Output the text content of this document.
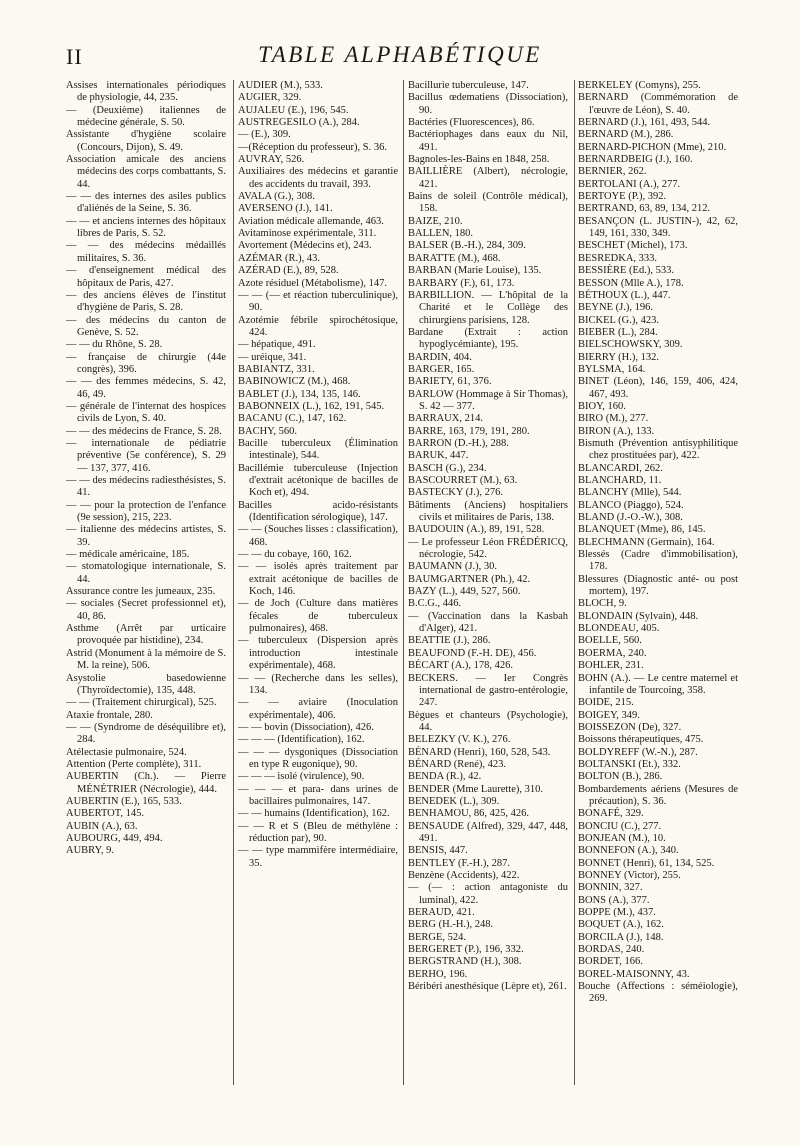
II	TABLE ALPHABÉTIQUE

Assises internationales périodiques de physiologie, 44, 235.

— (Deuxième) italiennes de médecine générale, S. 50.

Assistante d'hygiène scolaire (Concours, Dijon), S. 49.

Association amicale des anciens médecins des corps combattants, S. 44.

— — des internes des asiles publics d'aliénés de la Seine, S. 36.

— — et anciens internes des hôpitaux libres de Paris, S. 52.

— — des médecins médaillés militaires, S. 36.

— d'enseignement médical des hôpitaux de Paris, 427.

— des anciens élèves de l'institut d'hygiène de Paris, S. 28.

— des médecins du canton de Genève, S. 52.

— — du Rhône, S. 28.

— française de chirurgie (44e congrès), 396.

— — des femmes médecins, S. 42, 46, 49.

— générale de l'internat des hospices civils de Lyon, S. 40.

— — des médecins de France, S. 28.

— internationale de pédiatrie préventive (5e conférence), S. 29 — 137, 377, 416.

— — des médecins radiesthésistes, S. 41.

— — pour la protection de l'enfance (9e session), 215, 223.

— italienne des médecins artistes, S. 39.

— médicale américaine, 185.

— stomatologique internationale, S. 44.

Assurance contre les jumeaux, 235.

— sociales (Secret professionnel et), 40, 86.

Asthme (Arrêt par urticaire provoquée par histidine), 234.

Astrid (Monument à la mémoire de S. M. la reine), 506.

Asystolie basedowienne (Thyroïdectomie), 135, 448.

— — (Traitement chirurgical), 525.

Ataxie frontale, 280.

— — (Syndrome de déséquilibre et), 284.

Atélectasie pulmonaire, 524.

Attention (Perte complète), 311.

AUBERTIN (Ch.). — Pierre MÉNÉTRIER (Nécrologie), 444.

AUBERTIN (E.), 165, 533.

AUBERTOT, 145.

AUBIN (A.), 63.

AUBOURG, 449, 494.

AUBRY, 9.

AUDIER (M.), 533.

AUGIER, 329.

AUJALEU (E.), 196, 545.

AUSTREGESILO (A.), 284.

— (E.), 309.

—(Réception du professeur), S. 36.

AUVRAY, 526.

Auxiliaires des médecins et garantie des accidents du travail, 393.

AVALA (G.), 308.

AVERSENO (J.), 141.

Aviation médicale allemande, 463.

Avitaminose expérimentale, 311.

Avortement (Médecins et), 243.

AZÉMAR (R.), 43.

AZÉRAD (E.), 89, 528.

Azote résiduel (Métabolisme), 147.

— — (— et réaction tuberculinique), 90.

Azotémie fébrile spirochétosique, 424.

— hépatique, 491.

— uréique, 341.

BABIANTZ, 331.

BABINOWICZ (M.), 468.

BABLET (J.), 134, 135, 146.

BABONNEIX (L.), 162, 191, 545.

BACANU (C.), 147, 162.

BACHY, 560.

Bacille tuberculeux (Élimination intestinale), 544.

Bacillémie tuberculeuse (Injection d'extrait acétonique de bacilles de Koch et), 494.

Bacilles acido-résistants (Identification sérologique), 147.

— — (Souches lisses : classification), 468.

— — du cobaye, 160, 162.

— — isolés après traitement par extrait acétonique de bacilles de Koch, 146.

— de Joch (Culture dans matières fécales de tuberculeux pulmonaires), 468.

— tuberculeux (Dispersion après introduction intestinale expérimentale), 468.

— — (Recherche dans les selles), 134.

— — aviaire (Inoculation expérimentale), 406.

— — bovin (Dissociation), 426.

— — — (Identification), 162.

— — — dysgoniques (Dissociation en type R eugonique), 90.

— — — isolé (virulence), 90.

— — — et para- dans urines de bacillaires pulmonaires, 147.

— — humains (Identification), 162.

— — R et S (Bleu de méthylène : réduction par), 90.

— — type mammifère intermédiaire, 35.

Bacillurie tuberculeuse, 147.

Bacillus œdematiens (Dissociation), 90.

Bactéries (Fluorescences), 86.

Bactériophages dans eaux du Nil, 491.

Bagnoles-les-Bains en 1848, 258.

BAILLIÈRE (Albert), nécrologie, 421.

Bains de soleil (Contrôle médical), 158.

BAIZE, 210.

BALLEN, 180.

BALSER (B.-H.), 284, 309.

BARATTE (M.), 468.

BARBAN (Marie Louise), 135.

BARBARY (F.), 61, 173.

BARBILLION. — L'hôpital de la Charité et le Collège des chirurgiens parisiens, 128.

Bardane (Extrait : action hypoglycémiante), 195.

BARDIN, 404.

BARGER, 165.

BARIETY, 61, 376.

BARLOW (Hommage à Sir Thomas), S. 42 — 377.

BARRAUX, 214.

BARRE, 163, 179, 191, 280.

BARRON (D.-H.), 288.

BARUK, 447.

BASCH (G.), 234.

BASCOURRET (M.), 63.

BASTECKY (J.), 276.

Bâtiments (Anciens) hospitaliers civils et militaires de Paris, 138.

BAUDOUIN (A.), 89, 191, 528.

— Le professeur Léon FRÉDÉRICQ, nécrologie, 542.

BAUMANN (J.), 30.

BAUMGARTNER (Ph.), 42.

BAZY (L.), 449, 527, 560.

B.C.G., 446.

— (Vaccination dans la Kasbah d'Alger), 421.

BEATTIE (J.), 286.

BEAUFOND (F.-H. DE), 456.

BÉCART (A.), 178, 426.

BECKERS. — Ier Congrès international de gastro-entérologie, 247.

Bègues et chanteurs (Psychologie), 44.

BELEZKY (V. K.), 276.

BÉNARD (Henri), 160, 528, 543.

BÉNARD (René), 423.

BENDA (R.), 42.

BENDER (Mme Laurette), 310.

BENEDEK (L.), 309.

BENHAMOU, 86, 425, 426.

BENSAUDE (Alfred), 329, 447, 448, 491.

BENSIS, 447.

BENTLEY (F.-H.), 287.

Benzène (Accidents), 422.

— (— : action antagoniste du luminal), 422.

BERAUD, 421.

BERG (H.-H.), 248.

BERGE, 524.

BERGERET (P.), 196, 332.

BERGSTRAND (H.), 308.

BERHO, 196.

Béribéri anesthésique (Lèpre et), 261.

BERKELEY (Comyns), 255.

BERNARD (Commémoration de l'œuvre de Léon), S. 40.

BERNARD (J.), 161, 493, 544.

BERNARD (M.), 286.

BERNARD-PICHON (Mme), 210.

BERNARDBEIG (J.), 160.

BERNIER, 262.

BERTOLANI (A.), 277.

BERTOYE (P.), 392.

BERTRAND, 63, 89, 134, 212.

BESANÇON (L. JUSTIN-), 42, 62, 149, 161, 330, 349.

BESCHET (Michel), 173.

BESREDKA, 333.

BESSIÈRE (Ed.), 533.

BESSON (Mlle A.), 178.

BÉTHOUX (L.), 447.

BEYNE (J.), 196.

BICKEL (G.), 423.

BIEBER (L.), 284.

BIELSCHOWSKY, 309.

BIERRY (H.), 132.

BYLSMA, 164.

BINET (Léon), 146, 159, 406, 424, 467, 493.

BIOY, 160.

BIRO (M.), 277.

BIRON (A.), 133.

Bismuth (Prévention antisyphilitique chez prostituées par), 422.

BLANCARDI, 262.

BLANCHARD, 11.

BLANCHY (Mlle), 544.

BLANCO (Piaggo), 524.

BLAND (J.-O.-W.), 308.

BLANQUET (Mme), 86, 145.

BLECHMANN (Germain), 164.

Blessés (Cadre d'immobilisation), 178.

Blessures (Diagnostic anté- ou post mortem), 197.

BLOCH, 9.

BLONDAIN (Sylvain), 448.

BLONDEAU, 405.

BOELLE, 560.

BOERMA, 240.

BOHLER, 231.

BOHN (A.). — Le centre maternel et infantile de Tourcoing, 358.

BOIDE, 215.

BOIGEY, 349.

BOISSEZON (De), 327.

Boissons thérapeutiques, 475.

BOLDYREFF (W.-N.), 287.

BOLTANSKI (Et.), 332.

BOLTON (B.), 286.

Bombardements aériens (Mesures de précaution), S. 36.

BONAFÉ, 329.

BONCIU (C.), 277.

BONJEAN (M.), 10.

BONNEFON (A.), 340.

BONNET (Henri), 61, 134, 525.

BONNEY (Victor), 255.

BONNIN, 327.

BONS (A.), 377.

BOPPE (M.), 437.

BOQUET (A.), 162.

BORCILA (J.), 148.

BORDAS, 240.

BORDET, 166.

BOREL-MAISONNY, 43.

Bouche (Affections : séméiologie), 269.
